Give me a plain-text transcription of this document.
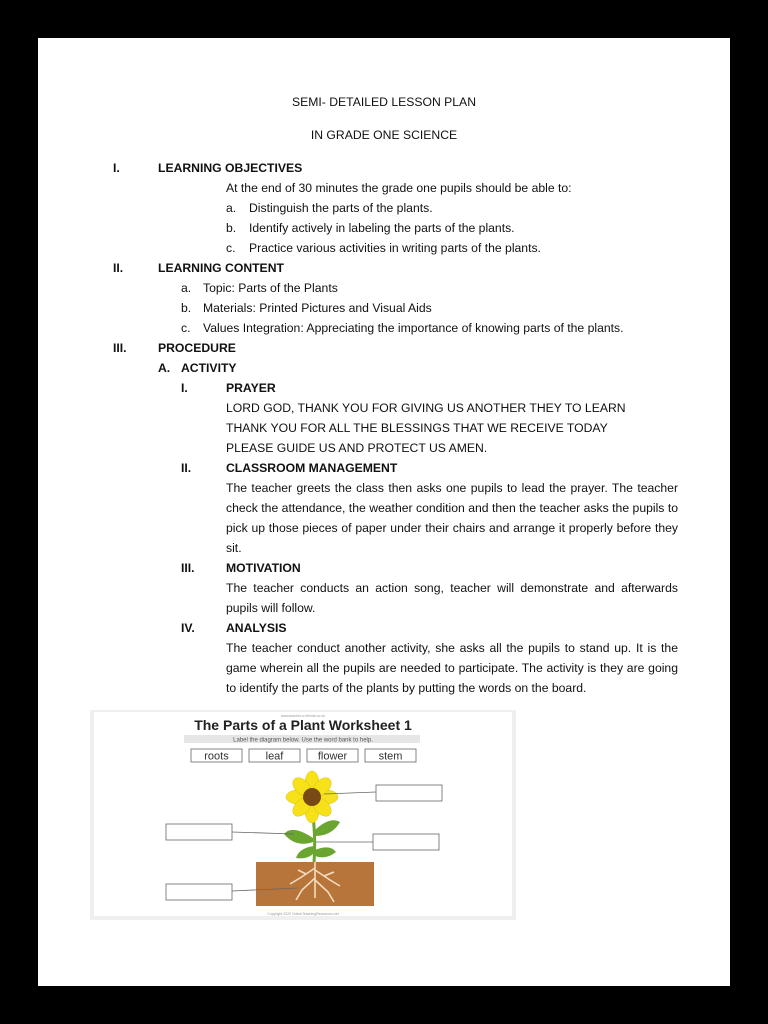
SEMI- DETAILED LESSON PLAN
IN GRADE ONE SCIENCE
I.	LEARNING OBJECTIVES
At the end of 30 minutes the grade one pupils should be able to:
a. Distinguish the parts of the plants.
b. Identify actively in labeling the parts of the plants.
c. Practice various activities in writing parts of the plants.
II.	LEARNING CONTENT
a. Topic: Parts of the Plants
b. Materials: Printed Pictures and Visual Aids
c. Values Integration: Appreciating the importance of knowing parts of the plants.
III.	PROCEDURE
A. ACTIVITY
I.	PRAYER
LORD GOD, THANK YOU FOR GIVING US ANOTHER THEY TO LEARN
THANK YOU FOR ALL THE BLESSINGS THAT WE RECEIVE TODAY
PLEASE GUIDE US AND PROTECT US AMEN.
II.	CLASSROOM MANAGEMENT
The teacher greets the class then asks one pupils to lead the prayer. The teacher check the attendance, the weather condition and then the teacher asks the pupils to pick up those pieces of paper under their chairs and arrange it properly before they sit.
III.	MOTIVATION
The teacher conducts an action song, teacher will demonstrate and afterwards pupils will follow.
IV.	ANALYSIS
The teacher conduct another activity, she asks all the pupils to stand up. It is the game wherein all the pupils are needed to participate. The activity is they are going to identify the parts of the plants by putting the words on the board.
www.teacher-s-friends.co.uk
The Parts of a Plant Worksheet 1
Label the diagram below. Use the word bank to help.
roots	leaf	flower	stem
Copyright 2020 OnlineTeachingResources.net
